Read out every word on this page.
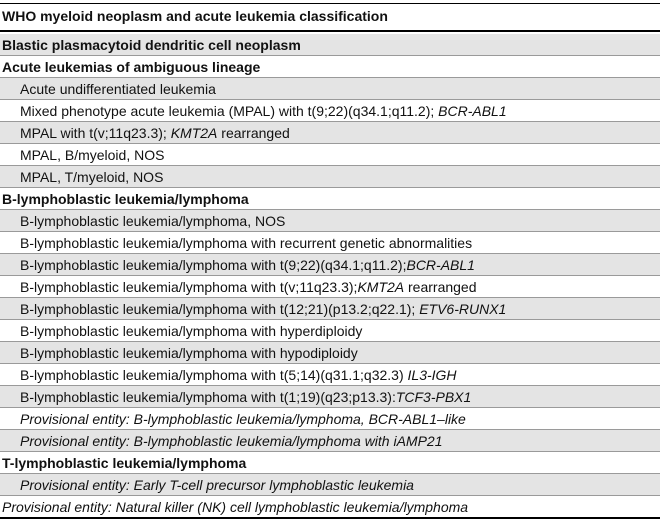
WHO myeloid neoplasm and acute leukemia classification
Blastic plasmacytoid dendritic cell neoplasm
Acute leukemias of ambiguous lineage
Acute undifferentiated leukemia
Mixed phenotype acute leukemia (MPAL) with t(9;22)(q34.1;q11.2); BCR-ABL1
MPAL with t(v;11q23.3); KMT2A rearranged
MPAL, B/myeloid, NOS
MPAL, T/myeloid, NOS
B-lymphoblastic leukemia/lymphoma
B-lymphoblastic leukemia/lymphoma, NOS
B-lymphoblastic leukemia/lymphoma with recurrent genetic abnormalities
B-lymphoblastic leukemia/lymphoma with t(9;22)(q34.1;q11.2);BCR-ABL1
B-lymphoblastic leukemia/lymphoma with t(v;11q23.3);KMT2A rearranged
B-lymphoblastic leukemia/lymphoma with t(12;21)(p13.2;q22.1); ETV6-RUNX1
B-lymphoblastic leukemia/lymphoma with hyperdiploidy
B-lymphoblastic leukemia/lymphoma with hypodiploidy
B-lymphoblastic leukemia/lymphoma with t(5;14)(q31.1;q32.3) IL3-IGH
B-lymphoblastic leukemia/lymphoma with t(1;19)(q23;p13.3):TCF3-PBX1
Provisional entity: B-lymphoblastic leukemia/lymphoma, BCR-ABL1–like
Provisional entity: B-lymphoblastic leukemia/lymphoma with iAMP21
T-lymphoblastic leukemia/lymphoma
Provisional entity: Early T-cell precursor lymphoblastic leukemia
Provisional entity: Natural killer (NK) cell lymphoblastic leukemia/lymphoma
